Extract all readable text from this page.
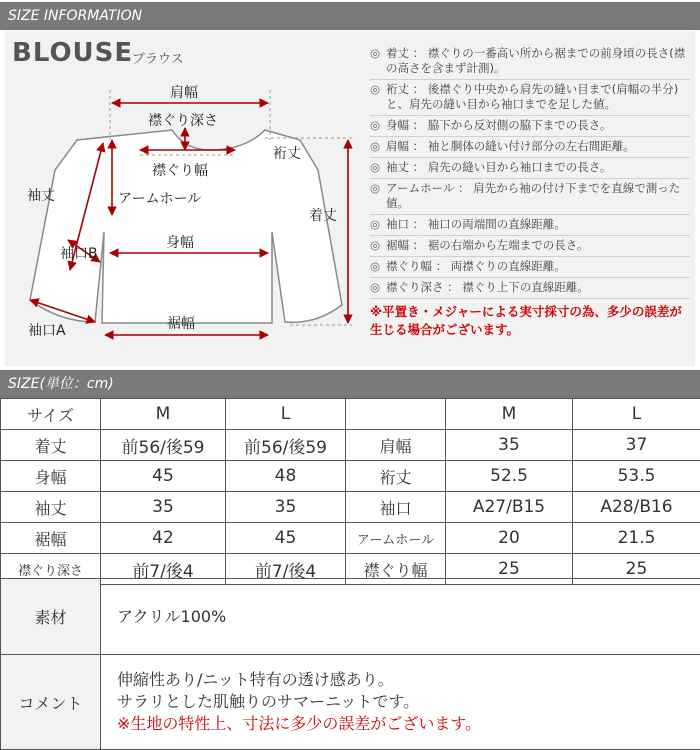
SIZE INFORMATION
BLOUSE
ブラウス
肩幅
襟ぐり深さ
襟ぐり幅
裄丈
袖丈	アームホール
着丈
身幅
袖口B
袖口A	裾幅
◎ 着丈 ： 襟ぐりの一番高い所から裾までの前身頃の長さ(襟の高さを含まず計測)。
◎ 裄丈 ： 後襟ぐり中央から肩先の縫い目まで(肩幅の半分)と、肩先の縫い目から袖口までを足した値。
◎ 身幅 ： 脇下から反対側の脇下までの長さ。
◎ 肩幅 ： 袖と胴体の縫い付け部分の左右間距離。
◎ 袖丈 ： 肩先の縫い目から袖口までの長さ。
◎ アームホール ： 肩先から袖の付け下までを直線で測った値。
◎ 袖口 ： 袖口の両端間の直線距離。
◎ 裾幅 ： 裾の右端から左端までの長さ。
◎ 襟ぐり幅 ： 両襟ぐりの直線距離。
◎ 襟ぐり深さ ： 襟ぐり上下の直線距離。
※平置き・メジャーによる実寸採寸の為、多少の誤差が生じる場合がございます。
SIZE(単位：cm)
サイズ	M	L		M	L
着丈	前56/後59	前56/後59	肩幅	35	37
身幅	45	48	裄丈	52.5	53.5
袖丈	35	35	袖口	A27/B15	A28/B16
裾幅	42	45	アームホール	20	21.5
襟ぐり深さ	前7/後4	前7/後4	襟ぐり幅	25	25
素材	アクリル100%
コメント	伸縮性あり/ニット特有の透け感あり。
サラリとした肌触りのサマーニットです。
※生地の特性上、寸法に多少の誤差がございます。
